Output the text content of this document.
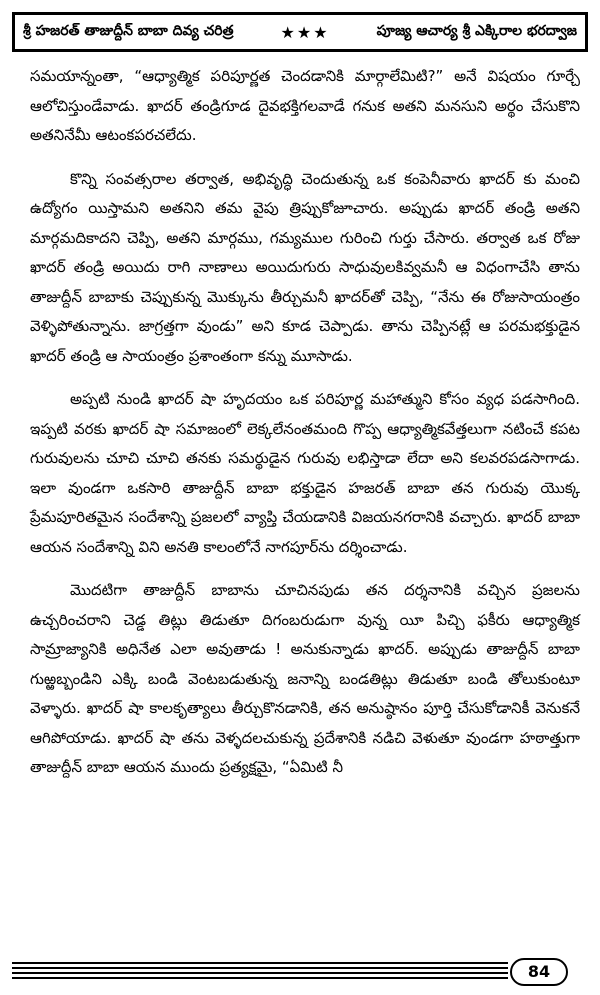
శ్రీ హజరత్ తాజుద్దీన్ బాబా దివ్య చరిత్ర	★★★	పూజ్య ఆచార్య శ్రీ ఎక్కిరాల భరద్వాజ

సమయాన్నంతా, “ఆధ్యాత్మిక పరిపూర్ణత చెందడానికి మార్గాలేమిటి?” అనే విషయం గూర్చే ఆలోచిస్తుండేవాడు. ఖాదర్ తండ్రిగూడ దైవభక్తిగలవాడే గనుక అతని మనసుని అర్థం చేసుకొని అతనినేమీ ఆటంకపరచలేదు.

కొన్ని సంవత్సరాల తర్వాత, అభివృద్ధి చెందుతున్న ఒక కంపెనీవారు ఖాదర్ కు మంచి ఉద్యోగం యిస్తామని అతనిని తమ వైపు త్రిప్పుకోజూచారు. అప్పుడు ఖాదర్ తండ్రి అతని మార్గమదికాదని చెప్పి, అతని మార్గము, గమ్యముల గురించి గుర్తు చేసారు. తర్వాత ఒక రోజు ఖాదర్ తండ్రి అయిదు రాగి నాణాలు అయిదుగురు సాధువులకివ్వమనీ ఆ విధంగాచేసి తాను తాజుద్దీన్ బాబాకు చెప్పుకున్న మొక్కును తీర్చుమనీ ఖాదర్‌తో చెప్పి, “నేను ఈ రోజుసాయంత్రం వెళ్ళిపోతున్నాను. జాగ్రత్తగా వుండు” అని కూడ చెప్పాడు. తాను చెప్పినట్లే ఆ పరమభక్తుడైన ఖాదర్ తండ్రి ఆ సాయంత్రం ప్రశాంతంగా కన్ను మూసాడు.

అప్పటి నుండి ఖాదర్ షా హృదయం ఒక పరిపూర్ణ మహాత్ముని కోసం వ్యధ పడసాగింది. ఇప్పటి వరకు ఖాదర్ షా సమాజంలో లెక్కలేనంతమంది గొప్ప ఆధ్యాత్మికవేత్తలుగా నటించే కపట గురువులను చూచి చూచి తనకు సమర్థుడైన గురువు లభిస్తాడా లేదా అని కలవరపడసాగాడు. ఇలా వుండగా ఒకసారి తాజుద్దీన్ బాబా భక్తుడైన హజరత్ బాబా తన గురువు యొక్క ప్రేమపూరితమైన సందేశాన్ని ప్రజలలో వ్యాప్తి చేయడానికి విజయనగరానికి వచ్చారు. ఖాదర్ బాబా ఆయన సందేశాన్ని విని అనతి కాలంలోనే నాగపూర్‌ను దర్శించాడు.

మొదటిగా తాజుద్దీన్ బాబాను చూచినపుడు తన దర్శనానికి వచ్చిన ప్రజలను ఉచ్చరించరాని చెడ్డ తిట్లు తిడుతూ దిగంబరుడుగా వున్న యీ పిచ్చి ఫకీరు ఆధ్యాత్మిక సామ్రాజ్యానికి అధినేత ఎలా అవుతాడు ! అనుకున్నాడు ఖాదర్. అప్పుడు తాజుద్దీన్ బాబా గుఱ్ఱబ్బండిని ఎక్కి బండి వెంటబడుతున్న జనాన్ని బండతిట్లు తిడుతూ బండి తోలుకుంటూ వెళ్ళారు. ఖాదర్ షా కాలకృత్యాలు తీర్చుకొనడానికి, తన అనుష్ఠానం పూర్తి చేసుకోడానికీ వెనుకనే ఆగిపోయాడు. ఖాదర్ షా తను వెళ్ళదలచుకున్న ప్రదేశానికి నడిచి వెళుతూ వుండగా హఠాత్తుగా తాజుద్దీన్ బాబా ఆయన ముందు ప్రత్యక్షమై, “ఏమిటి నీ

84
